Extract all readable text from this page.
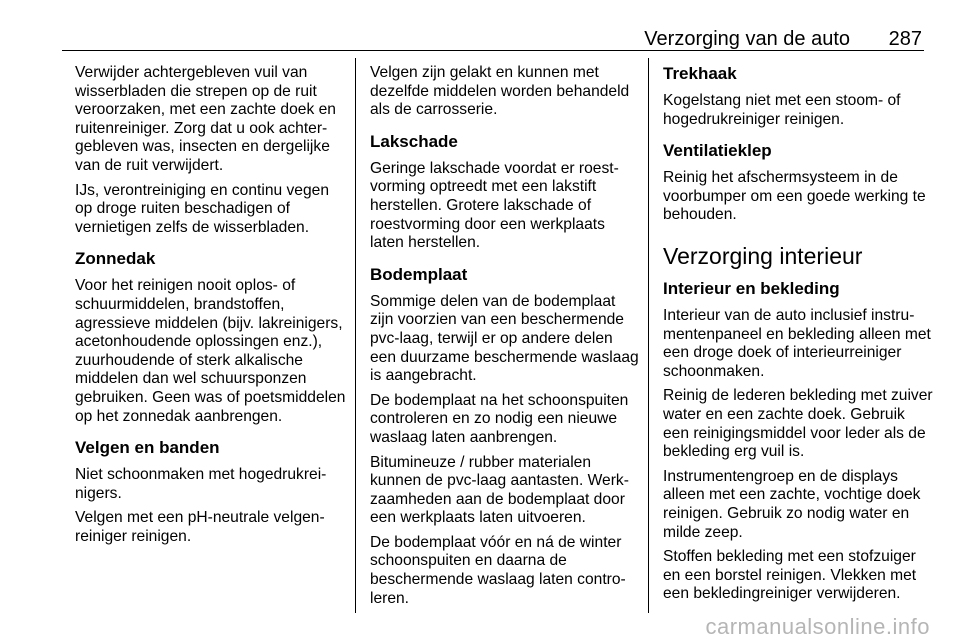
Verzorging van de auto 287

Verwijder achtergebleven vuil van wisserbladen die strepen op de ruit veroorzaken, met een zachte doek en ruitenreiniger. Zorg dat u ook achtergebleven was, insecten en dergelijke van de ruit verwijdert.

IJs, verontreiniging en continu vegen op droge ruiten beschadigen of vernietigen zelfs de wisserbladen.

Zonnedak

Voor het reinigen nooit oplos- of schuurmiddelen, brandstoffen, agressieve middelen (bijv. lakreinigers, acetonhoudende oplossingen enz.), zuurhoudende of sterk alkalische middelen dan wel schuursponzen gebruiken. Geen was of poetsmiddelen op het zonnedak aanbrengen.

Velgen en banden

Niet schoonmaken met hogedrukreinigers.

Velgen met een pH-neutrale velgenreiniger reinigen.

Velgen zijn gelakt en kunnen met dezelfde middelen worden behandeld als de carrosserie.

Lakschade

Geringe lakschade voordat er roestvorming optreedt met een lakstift herstellen. Grotere lakschade of roestvorming door een werkplaats laten herstellen.

Bodemplaat

Sommige delen van de bodemplaat zijn voorzien van een beschermende pvc-laag, terwijl er op andere delen een duurzame beschermende waslaag is aangebracht.

De bodemplaat na het schoonspuiten controleren en zo nodig een nieuwe waslaag laten aanbrengen.

Bitumineuze / rubber materialen kunnen de pvc-laag aantasten. Werkzaamheden aan de bodemplaat door een werkplaats laten uitvoeren.

De bodemplaat vóór en ná de winter schoonspuiten en daarna de beschermende waslaag laten controleren.

Trekhaak

Kogelstang niet met een stoom- of hogedrukreiniger reinigen.

Ventilatieklep

Reinig het afschermsysteem in de voorbumper om een goede werking te behouden.

Verzorging interieur
Interieur en bekleding

Interieur van de auto inclusief instrumentenpaneel en bekleding alleen met een droge doek of interieurreiniger schoonmaken.

Reinig de lederen bekleding met zuiver water en een zachte doek. Gebruik een reinigingsmiddel voor leder als de bekleding erg vuil is.

Instrumentengroep en de displays alleen met een zachte, vochtige doek reinigen. Gebruik zo nodig water en milde zeep.

Stoffen bekleding met een stofzuiger en een borstel reinigen. Vlekken met een bekledingreiniger verwijderen.

carmanualsonline.info
